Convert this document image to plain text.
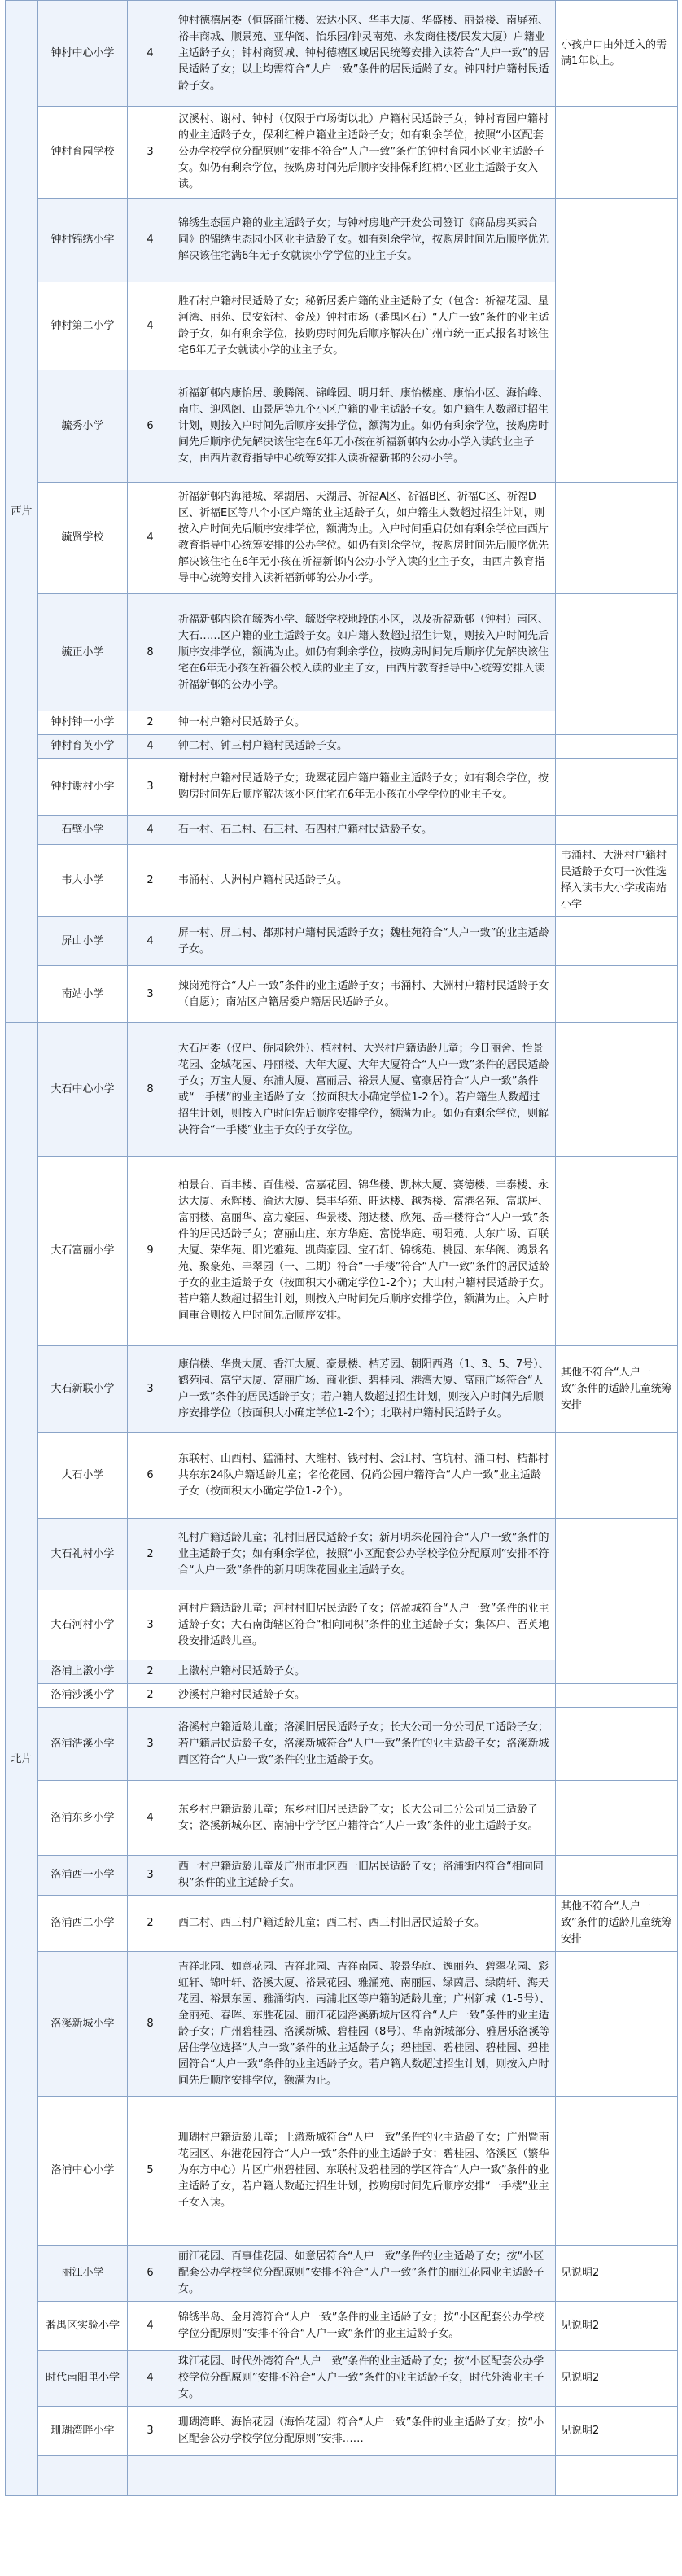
西片	钟村中心小学	4	钟村德禧居委（恒盛商住楼、宏达小区、华丰大厦、华盛楼、丽景楼、南屏苑、裕丰商城、顺景苑、亚华阁、怡乐园/钟灵南苑、永发商住楼/民发大厦）户籍业主适龄子女；钟村商贸城、钟村德禧区域居民统筹安排入读符合“人户一致”的居民适龄子女；以上均需符合“人户一致”条件的居民适龄子女。钟四村户籍村民适龄子女。	小孩户口由外迁入的需满1年以上。
	钟村育园学校	3	汉溪村、谢村、钟村（仅限于市场街以北）户籍村民适龄子女，钟村育园户籍村的业主适龄子女，保利红棉户籍业主适龄子女；如有剩余学位，按照“小区配套公办学校学位分配原则”安排不符合“人户一致”条件的钟村育园小区业主适龄子女。如仍有剩余学位，按购房时间先后顺序安排保利红棉小区业主适龄子女入读。	
	钟村锦绣小学	4	锦绣生态园户籍的业主适龄子女；与钟村房地产开发公司签订《商品房买卖合同》的锦绣生态园小区业主适龄子女。如有剩余学位，按购房时间先后顺序优先解决该住宅满6年无子女就读小学学位的业主子女。	
	钟村第二小学	4	胜石村户籍村民适龄子女；秘新居委户籍的业主适龄子女（包含：祈福花园、星河湾、丽苑、民安新村、金茂）钟村市场（番禺区石）“人户一致”条件的业主适龄子女，如有剩余学位，按购房时间先后顺序解决在广州市统一正式报名时该住宅6年无子女就读小学的业主子女。	
	毓秀小学	6	祈福新邨内康怡居、骏腾阁、锦峰园、明月轩、康怡楼座、康怡小区、海怡峰、南庄、迎风阁、山景居等九个小区户籍的业主适龄子女。如户籍生人数超过招生计划，则按入户时间先后顺序安排学位，额满为止。如仍有剩余学位，按购房时间先后顺序优先解决该住宅在6年无小孩在祈福新邨内公办小学入读的业主子女，由西片教育指导中心统筹安排入读祈福新邨的公办小学。	
	毓贤学校	4	祈福新邨内海港城、翠湖居、天湖居、祈福A区、祈福B区、祈福C区、祈福D区、祈福E区等八个小区户籍的业主适龄子女，如户籍生人数超过招生计划，则按入户时间先后顺序安排学位，额满为止。入户时间重启仍如有剩余学位由西片教育指导中心统筹安排的公办学位。如仍有剩余学位，按购房时间先后顺序优先解决该住宅在6年无小孩在祈福新邨内公办小学入读的业主子女，由西片教育指导中心统筹安排入读祈福新邨的公办小学。	
	毓正小学	8	祈福新邨内除在毓秀小学、毓贤学校地段的小区，以及祈福新邨（钟村）南区、大石……区户籍的业主适龄子女。如户籍人数超过招生计划，则按入户时间先后顺序安排学位，额满为止。如仍有剩余学位，按购房时间先后顺序优先解决该住宅在6年无小孩在祈福公校入读的业主子女，由西片教育指导中心统筹安排入读祈福新邨的公办小学。	
	钟村钟一小学	2	钟一村户籍村民适龄子女。	
	钟村育英小学	4	钟二村、钟三村户籍村民适龄子女。	
	钟村谢村小学	3	谢村村户籍村民适龄子女；珑翠花园户籍户籍业主适龄子女；如有剩余学位，按购房时间先后顺序解决该小区住宅在6年无小孩在小学学位的业主子女。	
	石壁小学	4	石一村、石二村、石三村、石四村户籍村民适龄子女。	
	韦大小学	2	韦涌村、大洲村户籍村民适龄子女。	韦涌村、大洲村户籍村民适龄子女可一次性选择入读韦大小学或南站小学
	屏山小学	4	屏一村、屏二村、都那村户籍村民适龄子女；魏桂苑符合“人户一致”的业主适龄子女。	
	南站小学	3	辣岗苑符合“人户一致”条件的业主适龄子女；韦涌村、大洲村户籍村民适龄子女（自愿）；南站区户籍居委户籍居民适龄子女。	
北片	大石中心小学	8	大石居委（仅户、侨园除外）、植村村、大兴村户籍适龄儿童；今日丽舍、怡景花园、金城花园、丹丽楼、大年大厦、大年大厦符合“人户一致”条件的居民适龄子女；万宝大厦、东浦大厦、富丽居、裕景大厦、富豪居符合“人户一致”条件或“一手楼”的业主适龄子女（按面积大小确定学位1-2个）。若户籍生人数超过招生计划，则按入户时间先后顺序安排学位，额满为止。如仍有剩余学位，则解决符合“一手楼”业主子女的子女学位。	
	大石富丽小学	9	柏景台、百丰楼、百佳楼、富嘉花园、锦华楼、凯林大厦、赛德楼、丰泰楼、永达大厦、永辉楼、渝达大厦、集丰华苑、旺达楼、越秀楼、富港名苑、富联居、富丽楼、富丽华、富力豪园、华景楼、翔达楼、欣苑、岳丰楼符合“人户一致”条件的居民适龄子女；富丽山庄、东方华庭、富悦华庭、朝阳苑、大东广场、百联大厦、荣华苑、阳光雅苑、凯茵豪园、宝石轩、锦绣苑、桃园、东华阁、鸿景名苑、聚豪苑、丰翠园（一、二期）符合“一手楼”符合“人户一致”条件的居民适龄子女的业主适龄子女（按面积大小确定学位1-2个）；大山村户籍村民适龄子女。若户籍人数超过招生计划，则按入户时间先后顺序安排学位，额满为止。入户时间重合则按入户时间先后顺序安排。	
	大石新联小学	3	康信楼、华贵大厦、香江大厦、豪景楼、桔芳园、朝阳西路（1、3、5、7号）、鹤苑园、富宁大厦、富丽广场、商业街、碧桂园、港湾大厦、富丽广场符合“人户一致”条件的居民适龄子女；若户籍人数超过招生计划，则按入户时间先后顺序安排学位（按面积大小确定学位1-2个）；北联村户籍村民适龄子女。	其他不符合“人户一致”条件的适龄儿童统筹安排
	大石小学	6	东联村、山西村、猛涌村、大维村、钱村村、会江村、官坑村、涌口村、桔都村共东东24队户籍适龄儿童；名伦花园、倪尚公园户籍符合“人户一致”业主适龄子女（按面积大小确定学位1-2个）。	
	大石礼村小学	2	礼村户籍适龄儿童；礼村旧居民适龄子女；新月明珠花园符合“人户一致”条件的业主适龄子女；如有剩余学位，按照“小区配套公办学校学位分配原则”安排不符合“人户一致”条件的新月明珠花园业主适龄子女。	
	大石河村小学	3	河村户籍适龄儿童；河村村旧居民适龄子女；倍盈城符合“人户一致”条件的业主适龄子女；大石南街辖区符合“相向同积”条件的业主适龄子女；集体户、吾英地段安排适龄儿童。	
	洛浦上漖小学	2	上漖村户籍村民适龄子女。	
	洛浦沙溪小学	2	沙溪村户籍村民适龄子女。	
	洛浦浩溪小学	3	洛溪村户籍适龄儿童；洛溪旧居民适龄子女；长大公司一分公司员工适龄子女；若户籍居民适龄子女，洛溪新城符合“人户一致”条件的业主适龄子女；洛溪新城西区符合“人户一致”条件的业主适龄子女。	
	洛浦东乡小学	4	东乡村户籍适龄儿童；东乡村旧居民适龄子女；长大公司二分公司员工适龄子女；洛溪新城东区、南浦中学学区户籍符合“人户一致”条件的业主适龄子女。	
	洛浦西一小学	3	西一村户籍适龄儿童及广州市北区西一旧居民适龄子女；洛浦街内符合“相向同积”条件的业主适龄子女。	
	洛浦西二小学	2	西二村、西三村户籍适龄儿童；西二村、西三村旧居民适龄子女。	其他不符合“人户一致”条件的适龄儿童统筹安排
	洛溪新城小学	8	吉祥北园、如意花园、吉祥北园、吉祥南园、骏景华庭、逸丽苑、碧翠花园、彩虹轩、锦叶轩、洛溪大厦、裕景花园、雅涌苑、南丽园、绿茵居、绿荫轩、海天花园、裕景东园、雅涌街内、南浦北区等户籍的适龄儿童；广州新城（1-5号）、金丽苑、春晖、东胜花园、丽江花园洛溪新城片区符合“人户一致”条件的业主适龄子女；广州碧桂园、洛溪新城、碧桂园（8号）、华南新城部分、雅居乐洛溪等居住学位选择“人户一致”条件的业主适龄子女；碧桂园、碧桂园、碧桂园、碧桂园符合“人户一致”条件的业主适龄子女。若户籍人数超过招生计划，则按入户时间先后顺序安排学位，额满为止。	
	洛浦中心小学	5	珊瑚村户籍适龄儿童；上漖新城符合“人户一致”条件的业主适龄子女；广州暨南花园区、东港花园符合“人户一致”条件的业主适龄子女；碧桂园、洛溪区（繁华为东方中心）片区广州碧桂园、东联村及碧桂园的学区符合“人户一致”条件的业主适龄子女，若户籍人数超过招生计划，按购房时间先后顺序安排“一手楼”业主子女入读。	
	丽江小学	6	丽江花园、百事佳花园、如意居符合“人户一致”条件的业主适龄子女；按“小区配套公办学校学位分配原则”安排不符合“人户一致”条件的丽江花园业主适龄子女。	见说明2
	番禺区实验小学	4	锦绣半岛、金月湾符合“人户一致”条件的业主适龄子女；按“小区配套公办学校学位分配原则”安排不符合“人户一致”条件的业主适龄子女。	见说明2
	时代南阳里小学	4	珠江花园、时代外湾符合“人户一致”条件的业主适龄子女；按“小区配套公办学校学位分配原则”安排不符合“人户一致”条件的业主适龄子女，时代外湾业主子女。	见说明2
	珊瑚湾畔小学	3	珊瑚湾畔、海怡花园（海怡花园）符合“人户一致”条件的业主适龄子女；按“小区配套公办学校学位分配原则”安排……	见说明2
